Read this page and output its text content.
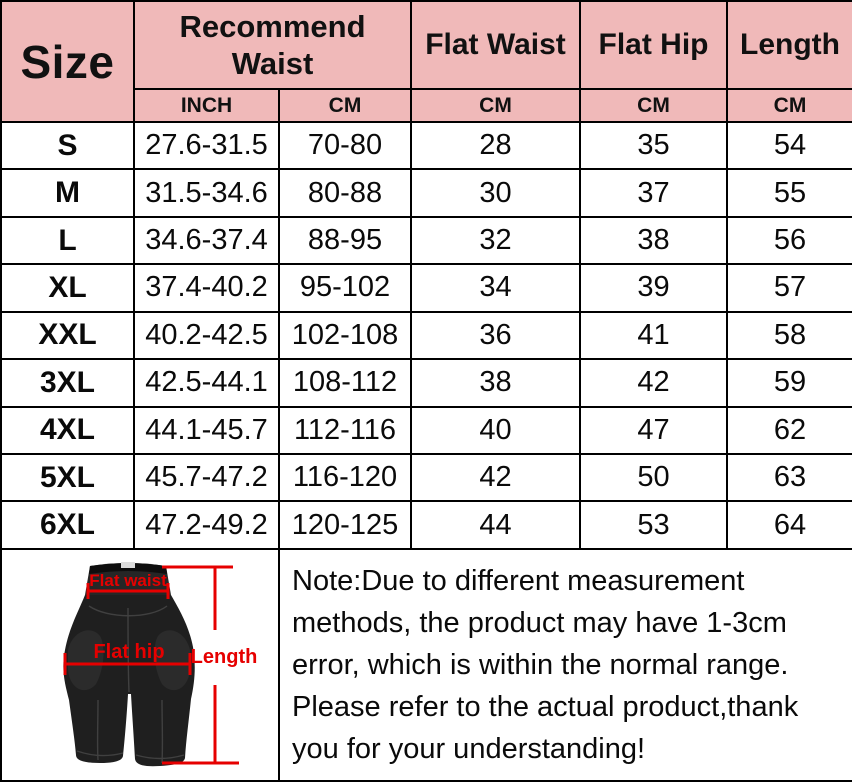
Size	Recommend Waist		Flat Waist	Flat Hip	Length
	INCH	CM	CM	CM	CM
S	27.6-31.5	70-80	28	35	54
M	31.5-34.6	80-88	30	37	55
L	34.6-37.4	88-95	32	38	56
XL	37.4-40.2	95-102	34	39	57
XXL	40.2-42.5	102-108	36	41	58
3XL	42.5-44.1	108-112	38	42	59
4XL	44.1-45.7	112-116	40	47	62
5XL	45.7-47.2	116-120	42	50	63
6XL	47.2-49.2	120-125	44	53	64

Flat waist
Flat hip Length		Note:Due to different measurement methods, the product may have 1-3cm error, which is within the normal range. Please refer to the actual product,thank you for your understanding!			
